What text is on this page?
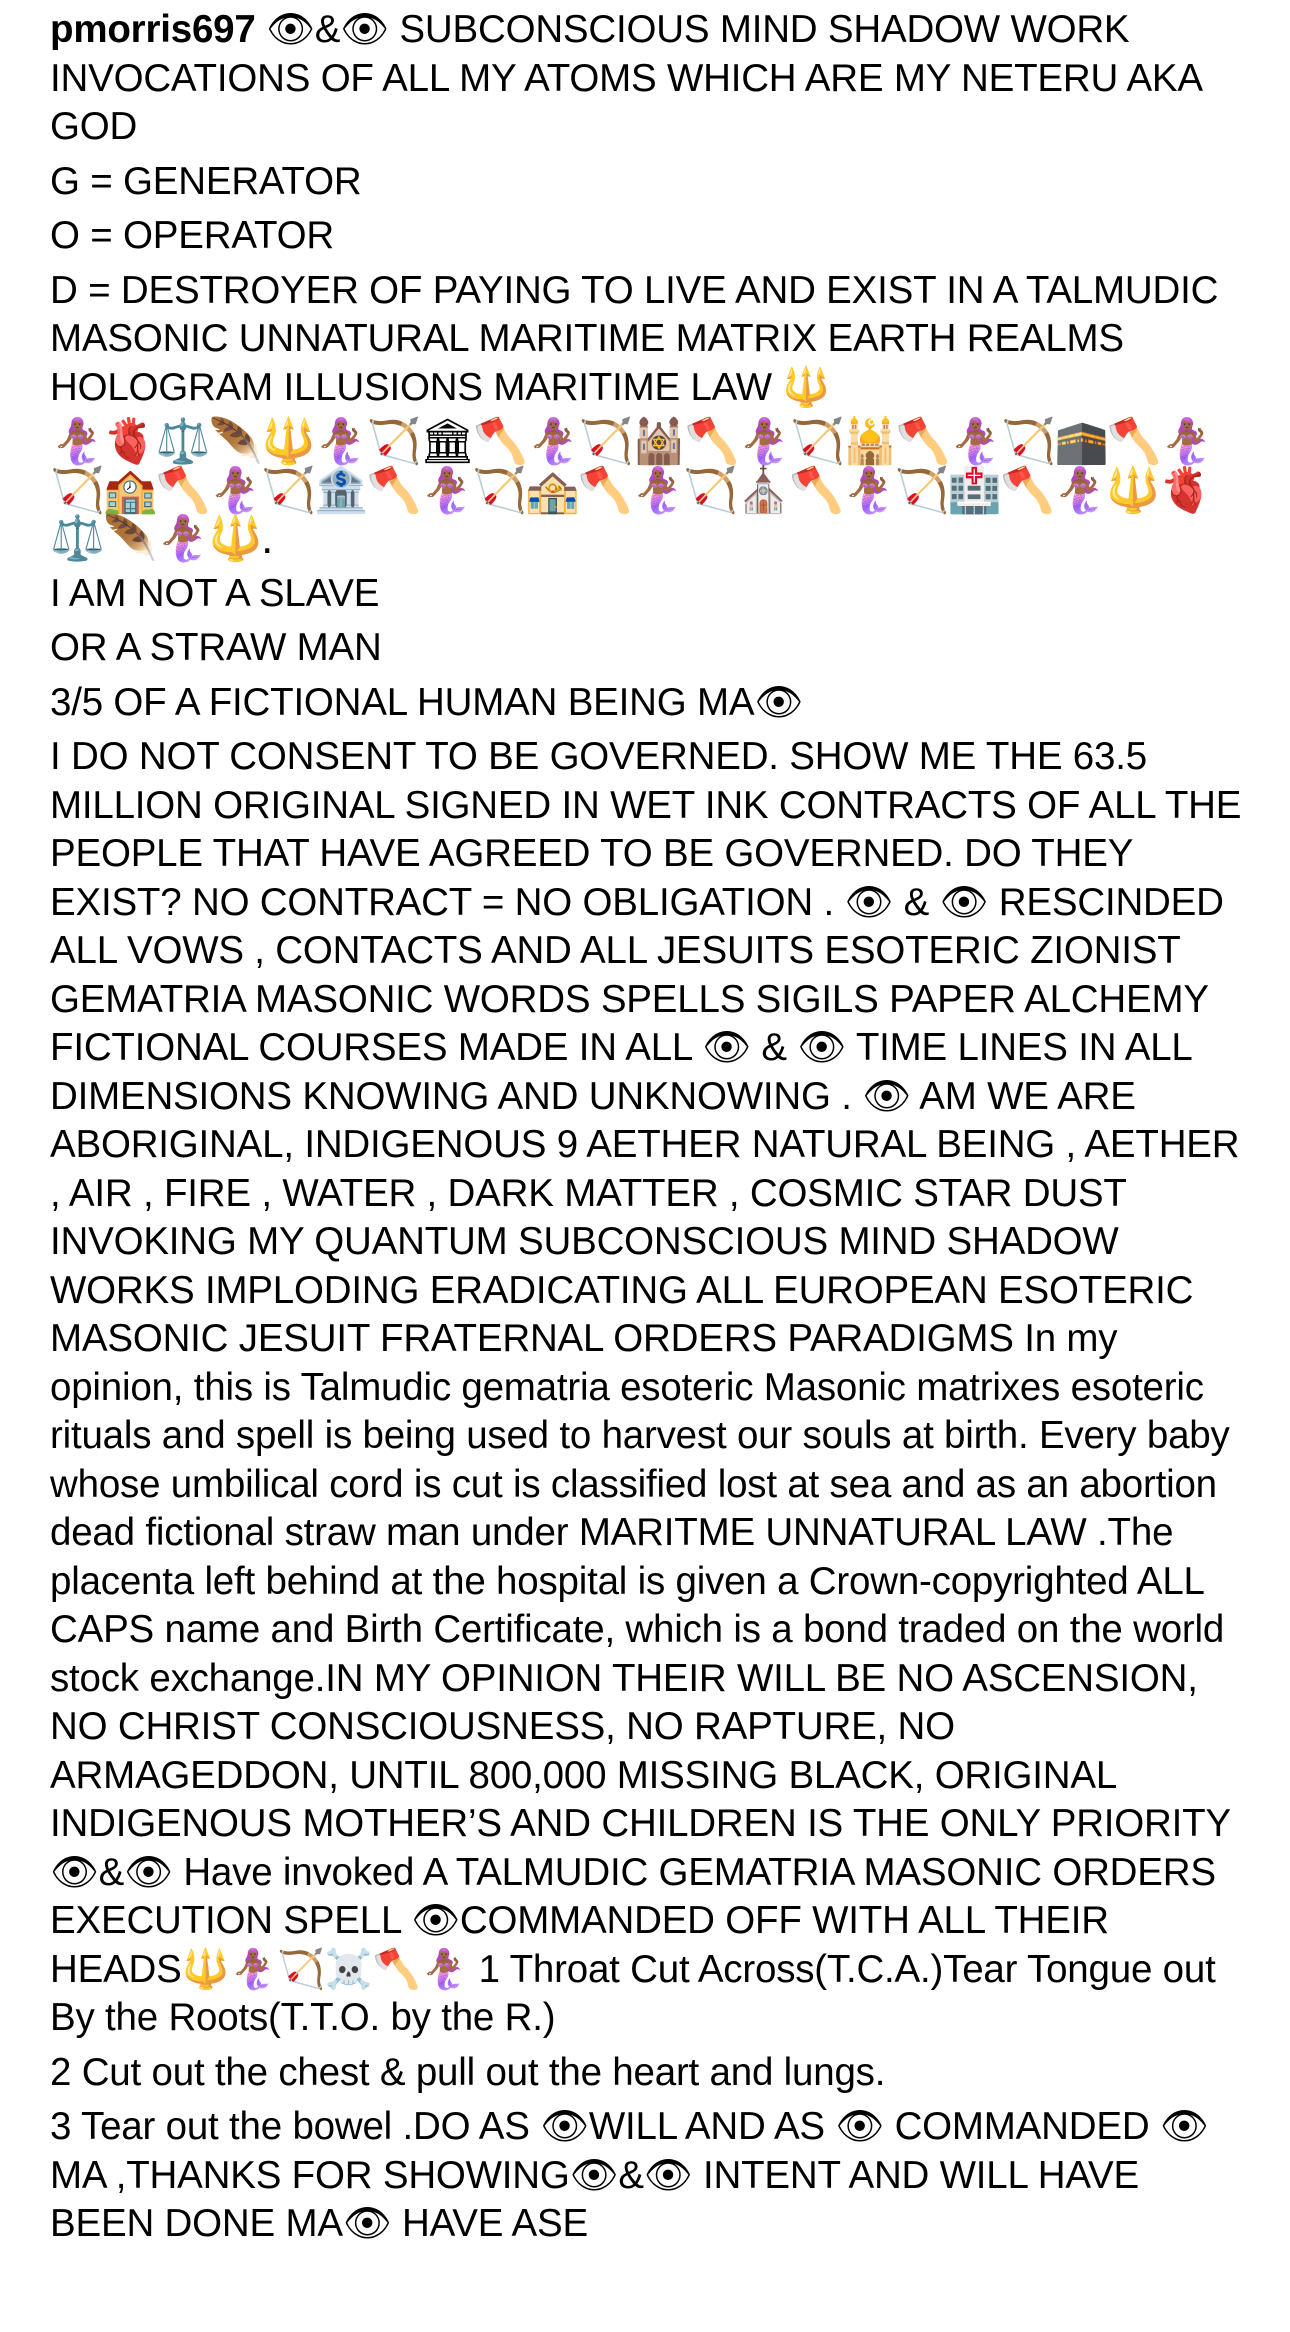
pmorris697 👁&👁 SUBCONSCIOUS MIND SHADOW WORK INVOCATIONS OF ALL MY ATOMS WHICH ARE MY NETERU AKA GOD
G = GENERATOR
O = OPERATOR
D = DESTROYER OF PAYING TO LIVE AND EXIST IN A TALMUDIC MASONIC UNNATURAL MARITIME MATRIX EARTH REALMS HOLOGRAM ILLUSIONS MARITIME LAW 🔱
🧜🏾‍♀️🫀⚖️🪶🔱🧜🏾‍♀️🏹🏛🪓🧜🏾‍♀️🏹🕍🪓🧜🏾‍♀️🏹🕌🪓🧜🏾‍♀️🏹🕋🪓🧜🏾‍♀️🏹🏫🪓🧜🏾‍♀️🏹🏦🪓🧜🏾‍♀️🏹🏤🪓🧜🏾‍♀️🏹⛪️🪓🧜🏾‍♀️🏹🏥🪓🧜🏾‍♀️🔱🫀⚖️🪶🧜🏾‍♀️🔱.
I AM NOT A SLAVE
OR A STRAW MAN
3/5 OF A FICTIONAL HUMAN BEING MA👁
I DO NOT CONSENT TO BE GOVERNED. SHOW ME THE 63.5 MILLION ORIGINAL SIGNED IN WET INK CONTRACTS OF ALL THE PEOPLE THAT HAVE AGREED TO BE GOVERNED. DO THEY EXIST? NO CONTRACT = NO OBLIGATION . 👁 & 👁 RESCINDED ALL VOWS , CONTACTS AND ALL JESUITS ESOTERIC ZIONIST GEMATRIA MASONIC WORDS SPELLS SIGILS PAPER ALCHEMY FICTIONAL COURSES MADE IN ALL 👁 & 👁 TIME LINES IN ALL DIMENSIONS KNOWING AND UNKNOWING . 👁 AM WE ARE ABORIGINAL, INDIGENOUS 9 AETHER NATURAL BEING , AETHER , AIR , FIRE , WATER , DARK MATTER , COSMIC STAR DUST INVOKING MY QUANTUM SUBCONSCIOUS MIND SHADOW WORKS IMPLODING ERADICATING ALL EUROPEAN ESOTERIC MASONIC JESUIT FRATERNAL ORDERS PARADIGMS In my opinion, this is Talmudic gematria esoteric Masonic matrixes esoteric rituals and spell is being used to harvest our souls at birth. Every baby whose umbilical cord is cut is classified lost at sea and as an abortion dead fictional straw man under MARITME UNNATURAL LAW .The placenta left behind at the hospital is given a Crown-copyrighted ALL CAPS name and Birth Certificate, which is a bond traded on the world stock exchange.IN MY OPINION THEIR WILL BE NO ASCENSION, NO CHRIST CONSCIOUSNESS, NO RAPTURE, NO ARMAGEDDON, UNTIL 800,000 MISSING BLACK, ORIGINAL INDIGENOUS MOTHER’S AND CHILDREN IS THE ONLY PRIORITY 👁&👁 Have invoked A TALMUDIC GEMATRIA MASONIC ORDERS EXECUTION SPELL 👁COMMANDED OFF WITH ALL THEIR HEADS🔱🧜🏾‍♀️🏹☠️🪓🧜🏾‍♀️ 1 Throat Cut Across(T.C.A.)Tear Tongue out By the Roots(T.T.O. by the R.)
2 Cut out the chest & pull out the heart and lungs.
3 Tear out the bowel .DO AS 👁WILL AND AS 👁 COMMANDED 👁MA ,THANKS FOR SHOWING👁&👁 INTENT AND WILL HAVE BEEN DONE MA👁 HAVE ASE
